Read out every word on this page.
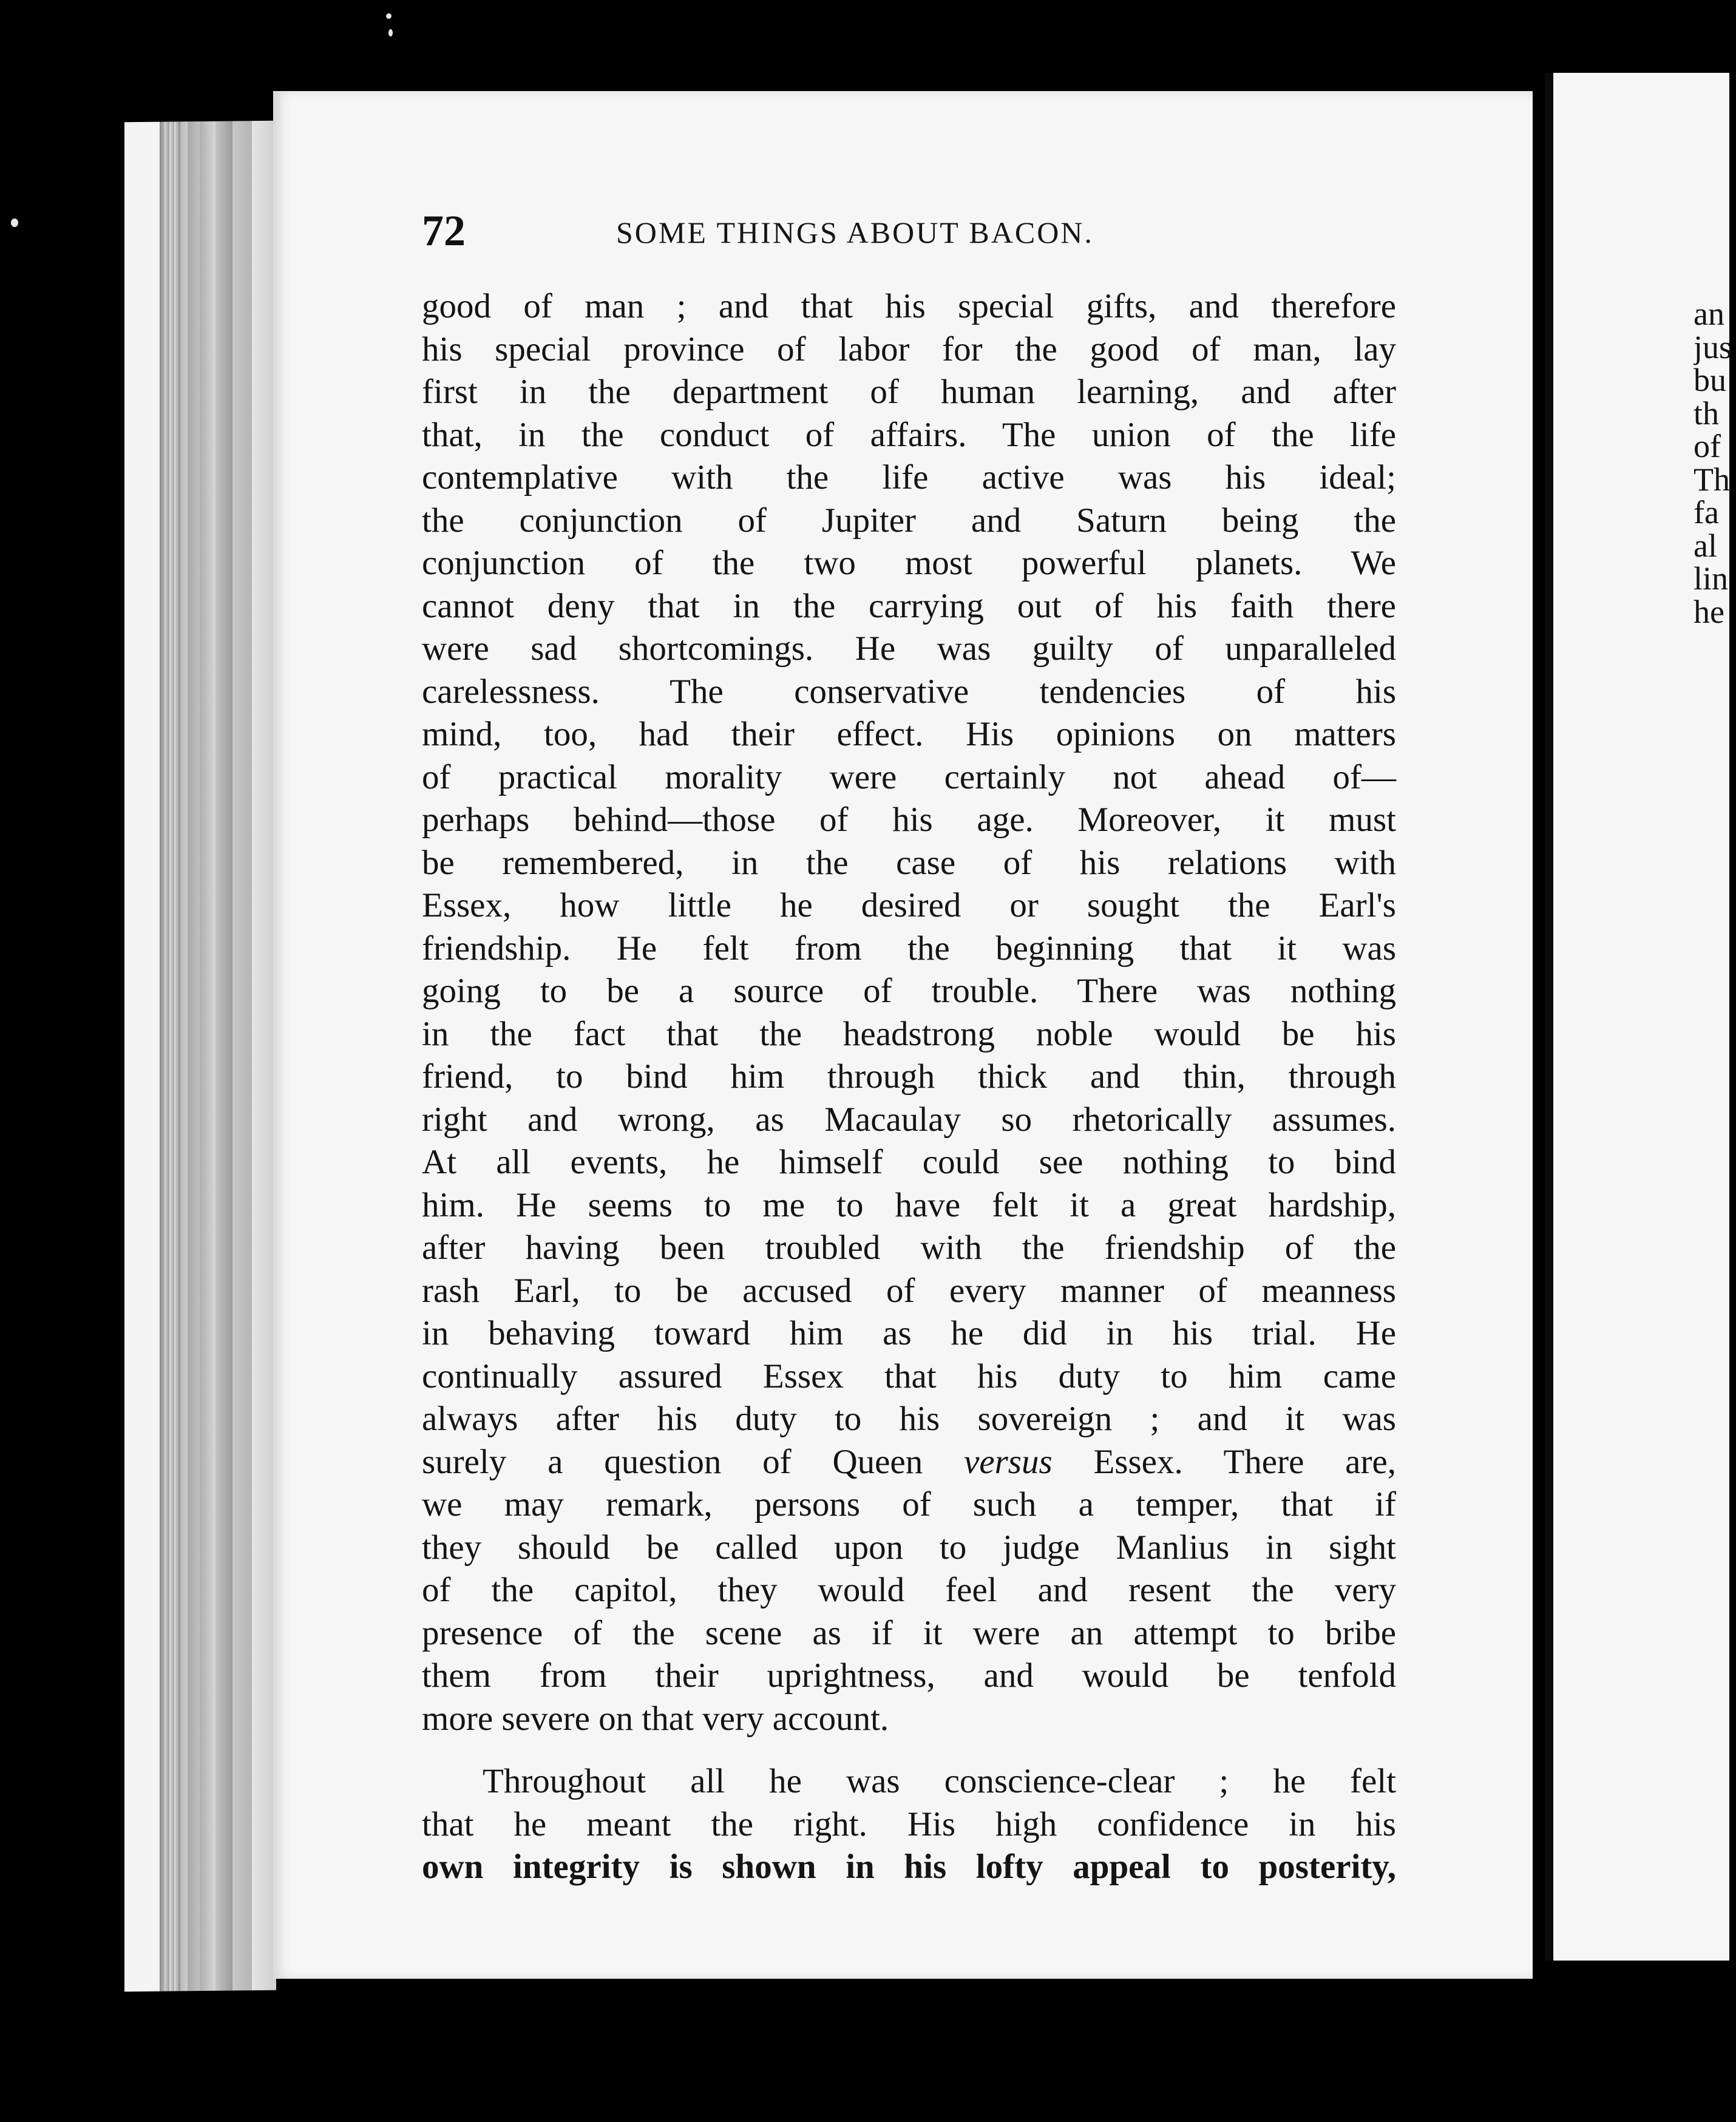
72	SOME THINGS ABOUT BACON.
good of man ; and that his special gifts, and therefore
his special province of labor for the good of man, lay
first in the department of human learning, and after
that, in the conduct of affairs. The union of the life
contemplative with the life active was his ideal;
the conjunction of Jupiter and Saturn being the
conjunction of the two most powerful planets. We
cannot deny that in the carrying out of his faith there
were sad shortcomings. He was guilty of unparalleled
carelessness. The conservative tendencies of his
mind, too, had their effect. His opinions on matters
of practical morality were certainly not ahead of—
perhaps behind—those of his age. Moreover, it must
be remembered, in the case of his relations with
Essex, how little he desired or sought the Earl's
friendship. He felt from the beginning that it was
going to be a source of trouble. There was nothing
in the fact that the headstrong noble would be his
friend, to bind him through thick and thin, through
right and wrong, as Macaulay so rhetorically assumes.
At all events, he himself could see nothing to bind
him. He seems to me to have felt it a great hardship,
after having been troubled with the friendship of the
rash Earl, to be accused of every manner of meanness
in behaving toward him as he did in his trial. He
continually assured Essex that his duty to him came
always after his duty to his sovereign ; and it was
surely a question of Queen versus Essex. There are,
we may remark, persons of such a temper, that if
they should be called upon to judge Manlius in sight
of the capitol, they would feel and resent the very
presence of the scene as if it were an attempt to bribe
them from their uprightness, and would be tenfold
more severe on that very account.
Throughout all he was conscience-clear ; he felt
that he meant the right. His high confidence in his
own integrity is shown in his lofty appeal to posterity,
an
jus
bu
th
of
Th
fa
al
lin
he
